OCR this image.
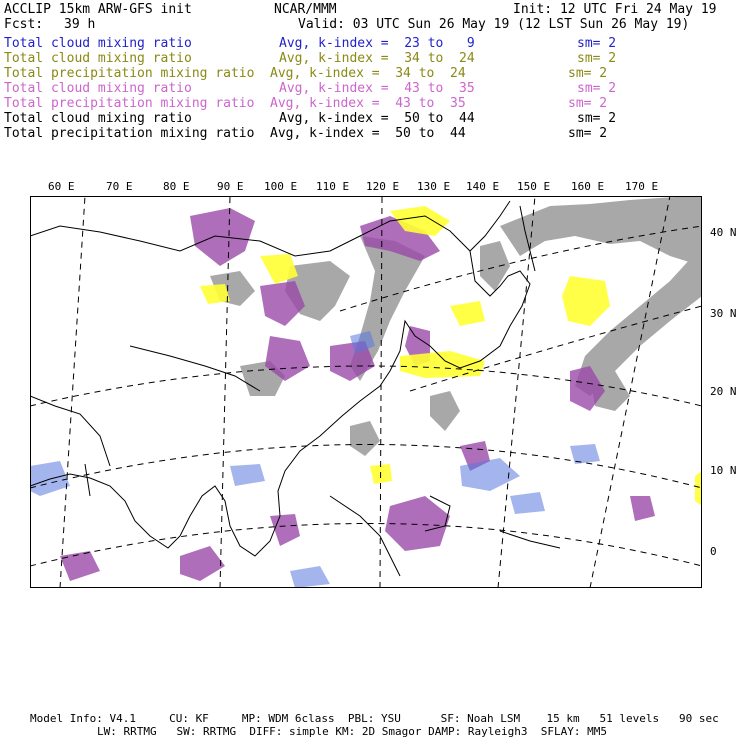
ACCLIP 15km ARW-GFS init	NCAR/MMM	Init: 12 UTC Fri 24 May 19
Fcst: 39 h	Valid: 03 UTC Sun 26 May 19 (12 LST Sun 26 May 19)
Total cloud mixing ratio	Avg, k-index =  23 to   9	sm= 2
Total cloud mixing ratio	Avg, k-index =  34 to  24	sm= 2
Total precipitation mixing ratio Avg, k-index =  34 to  24	sm= 2
Total cloud mixing ratio	Avg, k-index =  43 to  35	sm= 2
Total precipitation mixing ratio Avg, k-index =  43 to  35	sm= 2
Total cloud mixing ratio	Avg, k-index =  50 to  44	sm= 2
Total precipitation mixing ratio Avg, k-index =  50 to  44	sm= 2
60 E	70 E	80 E	90 E 100 E 110 E 120 E 130 E 140 E 150 E 160 E 170 E
40 N
30 N
20 N
10 N
0
Model Info: V4.1     CU: KF     MP: WDM 6class  PBL: YSU      SF: Noah LSM    15 km   51 levels   90 sec
LW: RRTMG   SW: RRTMG  DIFF: simple KM: 2D Smagor DAMP: Rayleigh3  SFLAY: MM5
